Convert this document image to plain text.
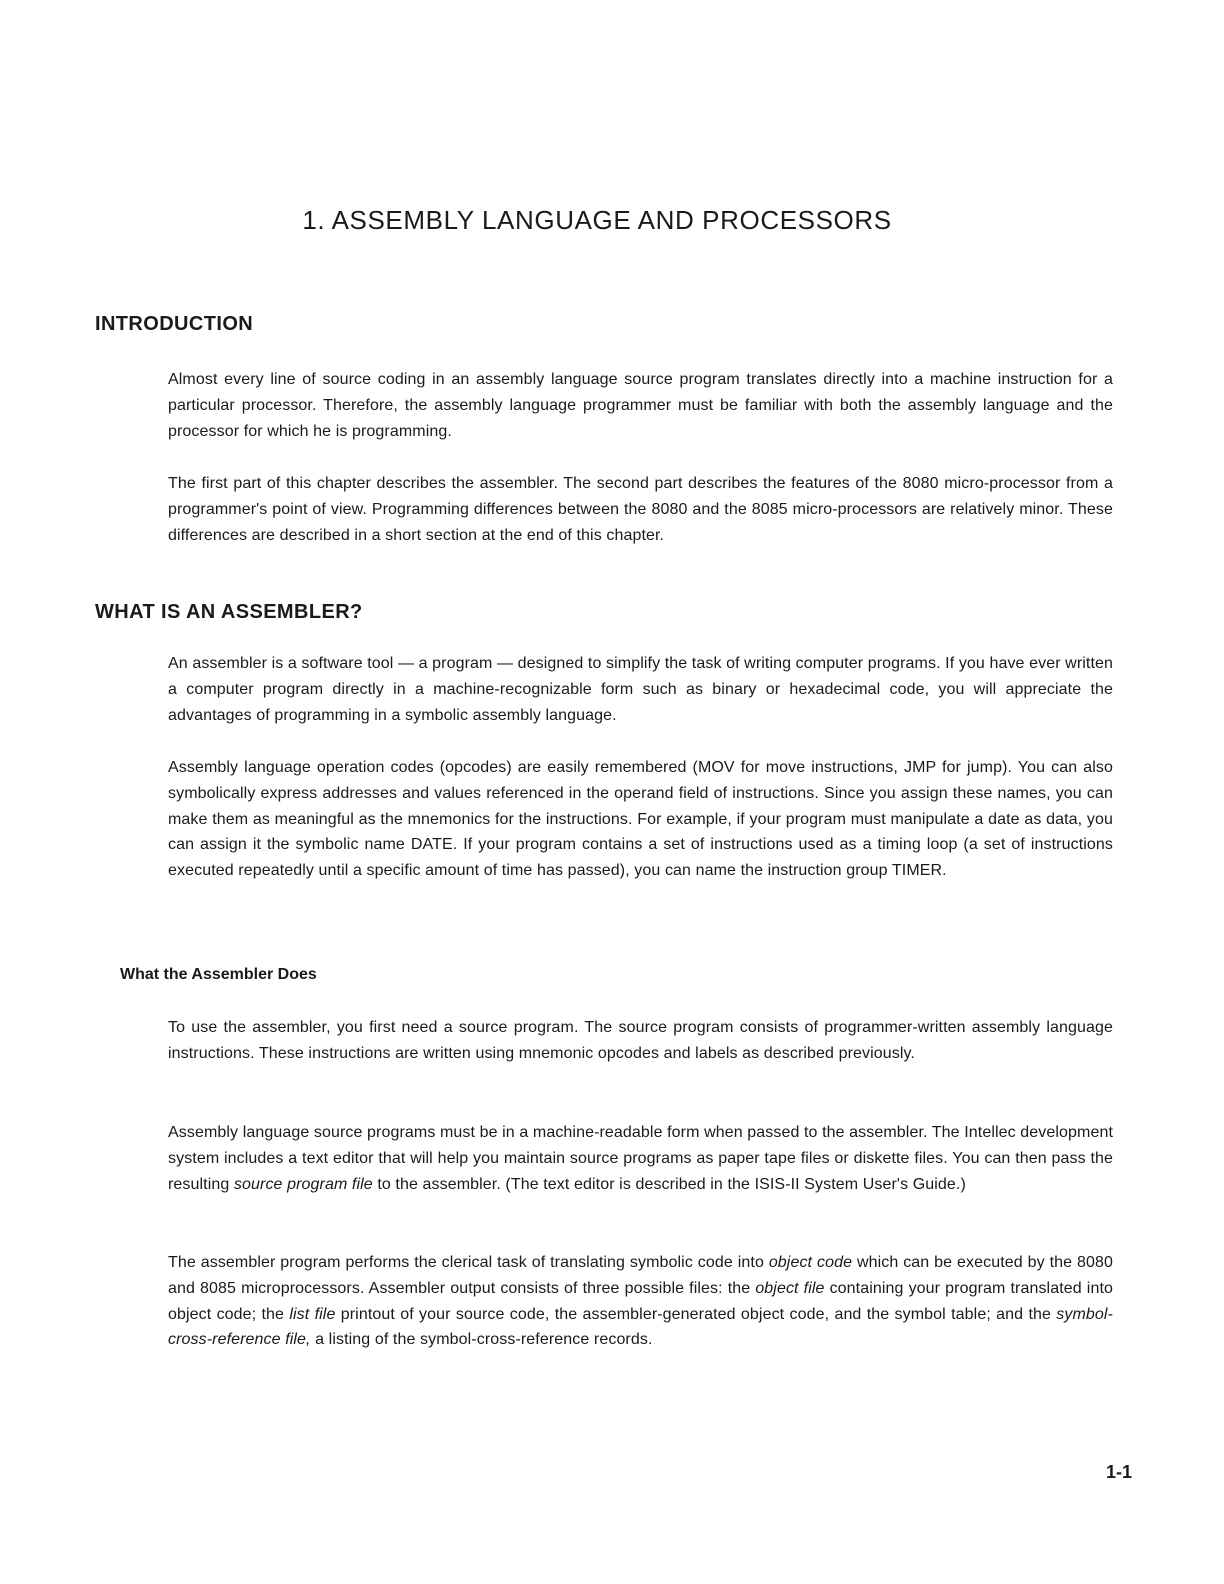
1. ASSEMBLY LANGUAGE AND PROCESSORS
INTRODUCTION

Almost every line of source coding in an assembly language source program translates directly into a machine instruction for a particular processor. Therefore, the assembly language programmer must be familiar with both the assembly language and the processor for which he is programming.

The first part of this chapter describes the assembler. The second part describes the features of the 8080 micro-processor from a programmer's point of view. Programming differences between the 8080 and the 8085 micro-processors are relatively minor. These differences are described in a short section at the end of this chapter.

WHAT IS AN ASSEMBLER?

An assembler is a software tool — a program — designed to simplify the task of writing computer programs. If you have ever written a computer program directly in a machine-recognizable form such as binary or hexadecimal code, you will appreciate the advantages of programming in a symbolic assembly language.

Assembly language operation codes (opcodes) are easily remembered (MOV for move instructions, JMP for jump). You can also symbolically express addresses and values referenced in the operand field of instructions. Since you assign these names, you can make them as meaningful as the mnemonics for the instructions. For example, if your program must manipulate a date as data, you can assign it the symbolic name DATE. If your program contains a set of instructions used as a timing loop (a set of instructions executed repeatedly until a specific amount of time has passed), you can name the instruction group TIMER.

What the Assembler Does

To use the assembler, you first need a source program. The source program consists of programmer-written assembly language instructions. These instructions are written using mnemonic opcodes and labels as described previously.

Assembly language source programs must be in a machine-readable form when passed to the assembler. The Intellec development system includes a text editor that will help you maintain source programs as paper tape files or diskette files. You can then pass the resulting source program file to the assembler. (The text editor is described in the ISIS-II System User's Guide.)

The assembler program performs the clerical task of translating symbolic code into object code which can be executed by the 8080 and 8085 microprocessors. Assembler output consists of three possible files: the object file containing your program translated into object code; the list file printout of your source code, the assembler-generated object code, and the symbol table; and the symbol-cross-reference file, a listing of the symbol-cross-reference records.

1-1
